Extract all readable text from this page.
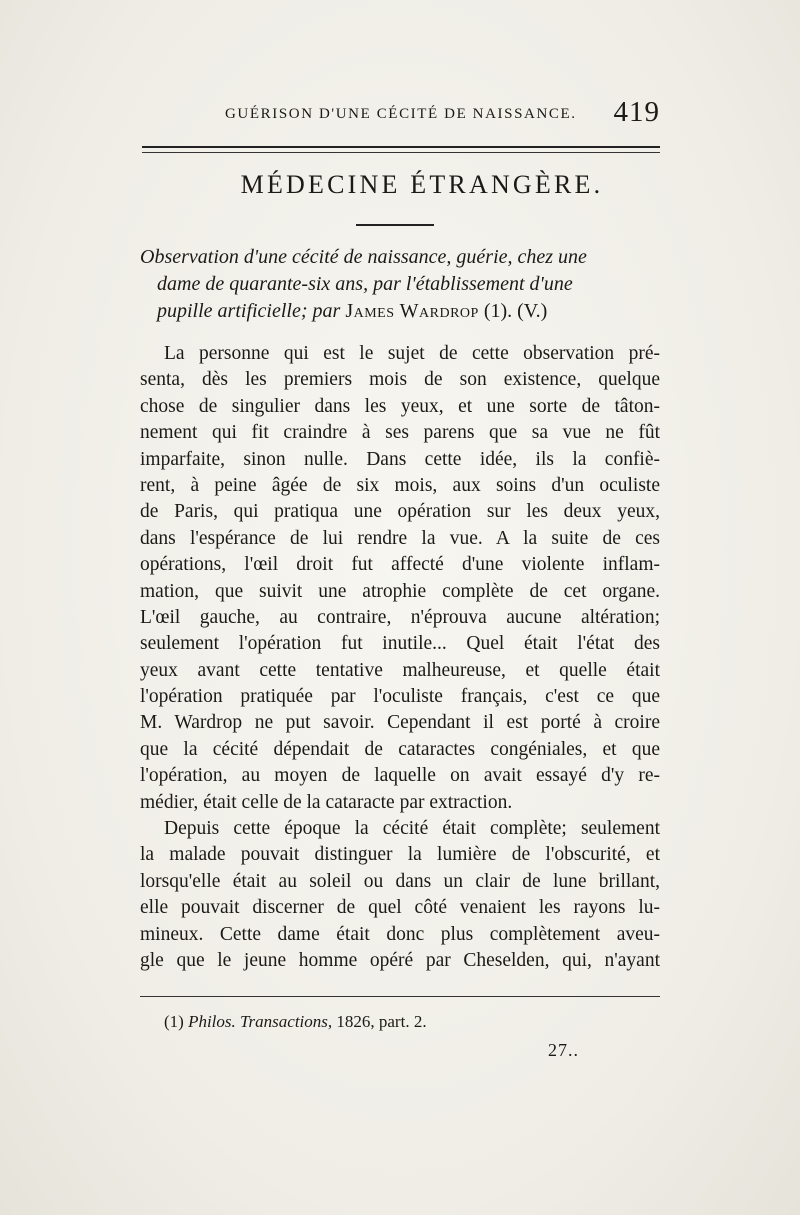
GUÉRISON D'UNE CÉCITÉ DE NAISSANCE. 419
MÉDECINE ÉTRANGÈRE.
Observation d'une cécité de naissance, guérie, chez une
dame de quarante-six ans, par l'établissement d'une
pupille artificielle; par James Wardrop (1). (V.)
La personne qui est le sujet de cette observation pré-
senta, dès les premiers mois de son existence, quelque
chose de singulier dans les yeux, et une sorte de tâton-
nement qui fit craindre à ses parens que sa vue ne fût
imparfaite, sinon nulle. Dans cette idée, ils la confiè-
rent, à peine âgée de six mois, aux soins d'un oculiste
de Paris, qui pratiqua une opération sur les deux yeux,
dans l'espérance de lui rendre la vue. A la suite de ces
opérations, l'œil droit fut affecté d'une violente inflam-
mation, que suivit une atrophie complète de cet organe.
L'œil gauche, au contraire, n'éprouva aucune altération;
seulement l'opération fut inutile... Quel était l'état des
yeux avant cette tentative malheureuse, et quelle était
l'opération pratiquée par l'oculiste français, c'est ce que
M. Wardrop ne put savoir. Cependant il est porté à croire
que la cécité dépendait de cataractes congéniales, et que
l'opération, au moyen de laquelle on avait essayé d'y re-
médier, était celle de la cataracte par extraction.
Depuis cette époque la cécité était complète; seulement
la malade pouvait distinguer la lumière de l'obscurité, et
lorsqu'elle était au soleil ou dans un clair de lune brillant,
elle pouvait discerner de quel côté venaient les rayons lu-
mineux. Cette dame était donc plus complètement aveu-
gle que le jeune homme opéré par Cheselden, qui, n'ayant
(1) Philos. Transactions, 1826, part. 2.
27..
